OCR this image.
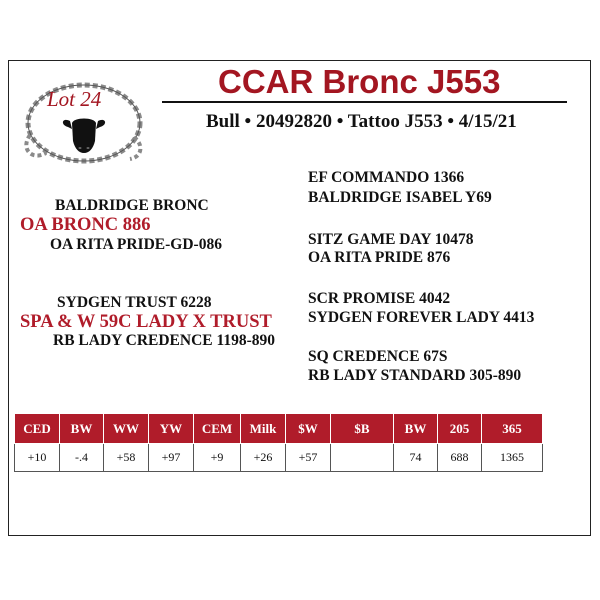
Lot 24	CCAR Bronc J553
Bull • 20492820 • Tattoo J553 • 4/15/21
BALDRIDGE BRONC
OA BRONC 886
OA RITA PRIDE-GD-086
SYDGEN TRUST 6228
SPA & W 59C LADY X TRUST
RB LADY CREDENCE 1198-890
EF COMMANDO 1366
BALDRIDGE ISABEL Y69
SITZ GAME DAY 10478
OA RITA PRIDE 876
SCR PROMISE 4042
SYDGEN FOREVER LADY 4413
SQ CREDENCE 67S
RB LADY STANDARD 305-890
CED	BW	WW	YW	CEM	Milk	$W	$B	BW	205	365
+10	-.4	+58	+97	+9	+26	+57		74	688	1365
